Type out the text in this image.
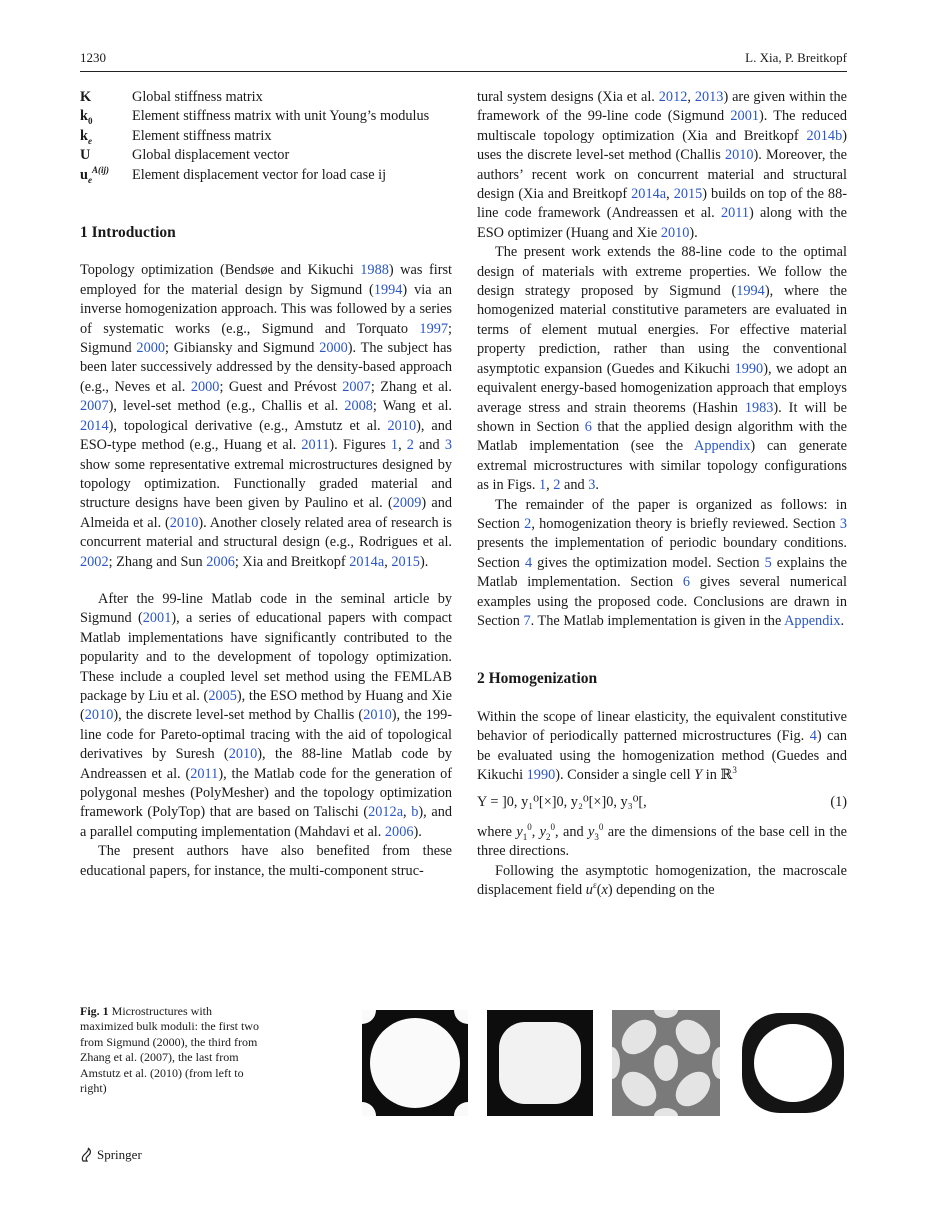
1230	L. Xia, P. Breitkopf
K	Global stiffness matrix
$k_0$	Element stiffness matrix with unit Young’s modulus
$k_e$	Element stiffness matrix
U	Global displacement vector
$u_e^{A(ij)}$	Element displacement vector for load case ij
1 Introduction

Topology optimization (Bendsøe and Kikuchi 1988) was first employed for the material design by Sigmund (1994) via an inverse homogenization approach. This was followed by a series of systematic works (e.g., Sigmund and Torquato 1997; Sigmund 2000; Gibiansky and Sigmund 2000). The subject has been later successively addressed by the density-based approach (e.g., Neves et al. 2000; Guest and Prévost 2007; Zhang et al. 2007), level-set method (e.g., Challis et al. 2008; Wang et al. 2014), topological derivative (e.g., Amstutz et al. 2010), and ESO-type method (e.g., Huang et al. 2011). Figures 1, 2 and 3 show some representative extremal microstructures designed by topology optimization. Functionally graded material and structure designs have been given by Paulino et al. (2009) and Almeida et al. (2010). Another closely related area of research is concurrent material and structural design (e.g., Rodrigues et al. 2002; Zhang and Sun 2006; Xia and Breitkopf 2014a, 2015).

After the 99-line Matlab code in the seminal article by Sigmund (2001), a series of educational papers with compact Matlab implementations have significantly contributed to the popularity and to the development of topology optimization. These include a coupled level set method using the FEMLAB package by Liu et al. (2005), the ESO method by Huang and Xie (2010), the discrete level-set method by Challis (2010), the 199-line code for Pareto-optimal tracing with the aid of topological derivatives by Suresh (2010), the 88-line Matlab code by Andreassen et al. (2011), the Matlab code for the generation of polygonal meshes (PolyMesher) and the topology optimization framework (PolyTop) that are based on Talischi (2012a, b), and a parallel computing implementation (Mahdavi et al. 2006).

The present authors have also benefited from these educational papers, for instance, the multi-component struc-

tural system designs (Xia et al. 2012, 2013) are given within the framework of the 99-line code (Sigmund 2001). The reduced multiscale topology optimization (Xia and Breitkopf 2014b) uses the discrete level-set method (Challis 2010). Moreover, the authors’ recent work on concurrent material and structural design (Xia and Breitkopf 2014a, 2015) builds on top of the 88-line code framework (Andreassen et al. 2011) along with the ESO optimizer (Huang and Xie 2010).

The present work extends the 88-line code to the optimal design of materials with extreme properties. We follow the design strategy proposed by Sigmund (1994), where the homogenized material constitutive parameters are evaluated in terms of element mutual energies. For effective material property prediction, rather than using the conventional asymptotic expansion (Guedes and Kikuchi 1990), we adopt an equivalent energy-based homogenization approach that employs average stress and strain theorems (Hashin 1983). It will be shown in Section 6 that the applied design algorithm with the Matlab implementation (see the Appendix) can generate extremal microstructures with similar topology configurations as in Figs. 1, 2 and 3.

The remainder of the paper is organized as follows: in Section 2, homogenization theory is briefly reviewed. Section 3 presents the implementation of periodic boundary conditions. Section 4 gives the optimization model. Section 5 explains the Matlab implementation. Section 6 gives several numerical examples using the proposed code. Conclusions are drawn in Section 7. The Matlab implementation is given in the Appendix.

2 Homogenization

Within the scope of linear elasticity, the equivalent constitutive behavior of periodically patterned microstructures (Fig. 4) can be evaluated using the homogenization method (Guedes and Kikuchi 1990). Consider a single cell Y in ℝ$^3$

Y = ]0, y₁⁰[×]0, y₂⁰[×]0, y₃⁰[,	(1)

where $y_1^0$, $y_2^0$, and $y_3^0$ are the dimensions of the base cell in the three directions.

Following the asymptotic homogenization, the macroscale displacement field $u^\varepsilon(x)$ depending on the

Fig. 1 Microstructures with maximized bulk moduli: the first two from Sigmund (2000), the third from Zhang et al. (2007), the last from Amstutz et al. (2010) (from left to right)
Springer
